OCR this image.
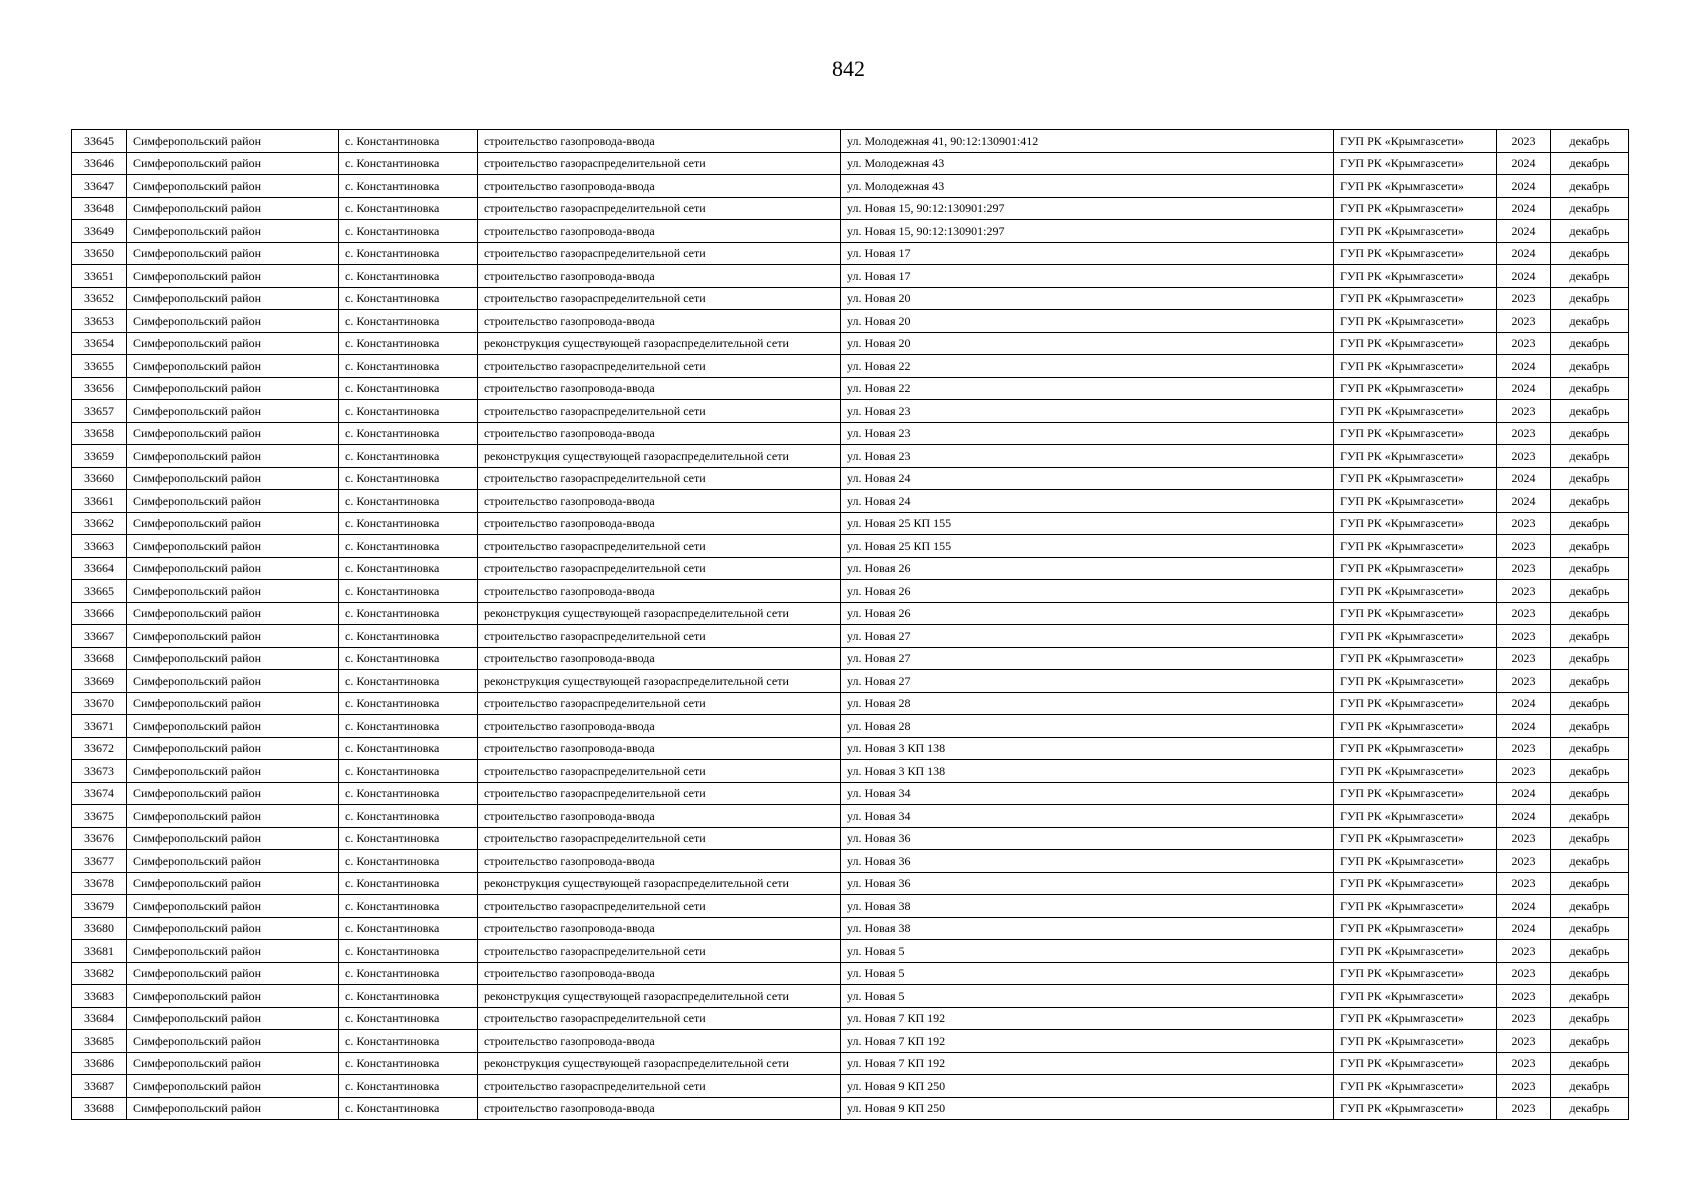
842
33645	Симферопольский район	с. Константиновка	строительство газопровода-ввода	ул. Молодежная 41, 90:12:130901:412	ГУП РК «Крымгазсети»	2023	декабрь
33646	Симферопольский район	с. Константиновка	строительство газораспределительной сети	ул. Молодежная 43	ГУП РК «Крымгазсети»	2024	декабрь
33647	Симферопольский район	с. Константиновка	строительство газопровода-ввода	ул. Молодежная 43	ГУП РК «Крымгазсети»	2024	декабрь
33648	Симферопольский район	с. Константиновка	строительство газораспределительной сети	ул. Новая 15, 90:12:130901:297	ГУП РК «Крымгазсети»	2024	декабрь
33649	Симферопольский район	с. Константиновка	строительство газопровода-ввода	ул. Новая 15, 90:12:130901:297	ГУП РК «Крымгазсети»	2024	декабрь
33650	Симферопольский район	с. Константиновка	строительство газораспределительной сети	ул. Новая 17	ГУП РК «Крымгазсети»	2024	декабрь
33651	Симферопольский район	с. Константиновка	строительство газопровода-ввода	ул. Новая 17	ГУП РК «Крымгазсети»	2024	декабрь
33652	Симферопольский район	с. Константиновка	строительство газораспределительной сети	ул. Новая 20	ГУП РК «Крымгазсети»	2023	декабрь
33653	Симферопольский район	с. Константиновка	строительство газопровода-ввода	ул. Новая 20	ГУП РК «Крымгазсети»	2023	декабрь
33654	Симферопольский район	с. Константиновка	реконструкция существующей газораспределительной сети	ул. Новая 20	ГУП РК «Крымгазсети»	2023	декабрь
33655	Симферопольский район	с. Константиновка	строительство газораспределительной сети	ул. Новая 22	ГУП РК «Крымгазсети»	2024	декабрь
33656	Симферопольский район	с. Константиновка	строительство газопровода-ввода	ул. Новая 22	ГУП РК «Крымгазсети»	2024	декабрь
33657	Симферопольский район	с. Константиновка	строительство газораспределительной сети	ул. Новая 23	ГУП РК «Крымгазсети»	2023	декабрь
33658	Симферопольский район	с. Константиновка	строительство газопровода-ввода	ул. Новая 23	ГУП РК «Крымгазсети»	2023	декабрь
33659	Симферопольский район	с. Константиновка	реконструкция существующей газораспределительной сети	ул. Новая 23	ГУП РК «Крымгазсети»	2023	декабрь
33660	Симферопольский район	с. Константиновка	строительство газораспределительной сети	ул. Новая 24	ГУП РК «Крымгазсети»	2024	декабрь
33661	Симферопольский район	с. Константиновка	строительство газопровода-ввода	ул. Новая 24	ГУП РК «Крымгазсети»	2024	декабрь
33662	Симферопольский район	с. Константиновка	строительство газопровода-ввода	ул. Новая 25 КП 155	ГУП РК «Крымгазсети»	2023	декабрь
33663	Симферопольский район	с. Константиновка	строительство газораспределительной сети	ул. Новая 25 КП 155	ГУП РК «Крымгазсети»	2023	декабрь
33664	Симферопольский район	с. Константиновка	строительство газораспределительной сети	ул. Новая 26	ГУП РК «Крымгазсети»	2023	декабрь
33665	Симферопольский район	с. Константиновка	строительство газопровода-ввода	ул. Новая 26	ГУП РК «Крымгазсети»	2023	декабрь
33666	Симферопольский район	с. Константиновка	реконструкция существующей газораспределительной сети	ул. Новая 26	ГУП РК «Крымгазсети»	2023	декабрь
33667	Симферопольский район	с. Константиновка	строительство газораспределительной сети	ул. Новая 27	ГУП РК «Крымгазсети»	2023	декабрь
33668	Симферопольский район	с. Константиновка	строительство газопровода-ввода	ул. Новая 27	ГУП РК «Крымгазсети»	2023	декабрь
33669	Симферопольский район	с. Константиновка	реконструкция существующей газораспределительной сети	ул. Новая 27	ГУП РК «Крымгазсети»	2023	декабрь
33670	Симферопольский район	с. Константиновка	строительство газораспределительной сети	ул. Новая 28	ГУП РК «Крымгазсети»	2024	декабрь
33671	Симферопольский район	с. Константиновка	строительство газопровода-ввода	ул. Новая 28	ГУП РК «Крымгазсети»	2024	декабрь
33672	Симферопольский район	с. Константиновка	строительство газопровода-ввода	ул. Новая 3 КП 138	ГУП РК «Крымгазсети»	2023	декабрь
33673	Симферопольский район	с. Константиновка	строительство газораспределительной сети	ул. Новая 3 КП 138	ГУП РК «Крымгазсети»	2023	декабрь
33674	Симферопольский район	с. Константиновка	строительство газораспределительной сети	ул. Новая 34	ГУП РК «Крымгазсети»	2024	декабрь
33675	Симферопольский район	с. Константиновка	строительство газопровода-ввода	ул. Новая 34	ГУП РК «Крымгазсети»	2024	декабрь
33676	Симферопольский район	с. Константиновка	строительство газораспределительной сети	ул. Новая 36	ГУП РК «Крымгазсети»	2023	декабрь
33677	Симферопольский район	с. Константиновка	строительство газопровода-ввода	ул. Новая 36	ГУП РК «Крымгазсети»	2023	декабрь
33678	Симферопольский район	с. Константиновка	реконструкция существующей газораспределительной сети	ул. Новая 36	ГУП РК «Крымгазсети»	2023	декабрь
33679	Симферопольский район	с. Константиновка	строительство газораспределительной сети	ул. Новая 38	ГУП РК «Крымгазсети»	2024	декабрь
33680	Симферопольский район	с. Константиновка	строительство газопровода-ввода	ул. Новая 38	ГУП РК «Крымгазсети»	2024	декабрь
33681	Симферопольский район	с. Константиновка	строительство газораспределительной сети	ул. Новая 5	ГУП РК «Крымгазсети»	2023	декабрь
33682	Симферопольский район	с. Константиновка	строительство газопровода-ввода	ул. Новая 5	ГУП РК «Крымгазсети»	2023	декабрь
33683	Симферопольский район	с. Константиновка	реконструкция существующей газораспределительной сети	ул. Новая 5	ГУП РК «Крымгазсети»	2023	декабрь
33684	Симферопольский район	с. Константиновка	строительство газораспределительной сети	ул. Новая 7 КП 192	ГУП РК «Крымгазсети»	2023	декабрь
33685	Симферопольский район	с. Константиновка	строительство газопровода-ввода	ул. Новая 7 КП 192	ГУП РК «Крымгазсети»	2023	декабрь
33686	Симферопольский район	с. Константиновка	реконструкция существующей газораспределительной сети	ул. Новая 7 КП 192	ГУП РК «Крымгазсети»	2023	декабрь
33687	Симферопольский район	с. Константиновка	строительство газораспределительной сети	ул. Новая 9 КП 250	ГУП РК «Крымгазсети»	2023	декабрь
33688	Симферопольский район	с. Константиновка	строительство газопровода-ввода	ул. Новая 9 КП 250	ГУП РК «Крымгазсети»	2023	декабрь
